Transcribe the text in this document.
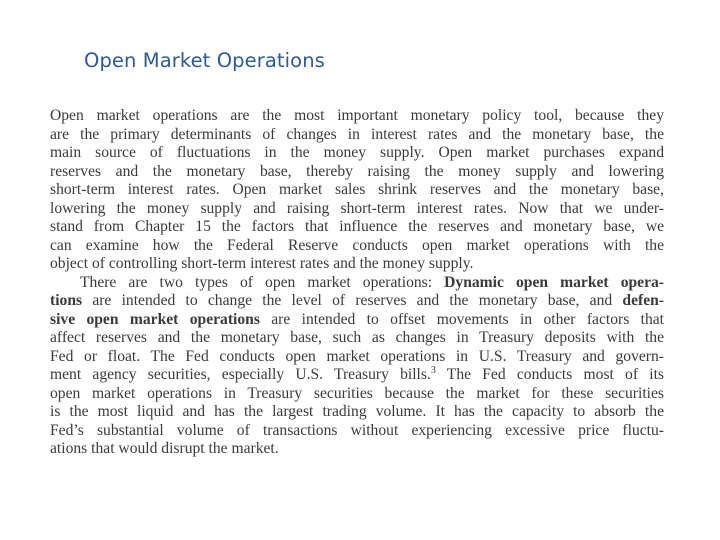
Open Market Operations
Open market operations are the most important monetary policy tool, because they
are the primary determinants of changes in interest rates and the monetary base, the
main source of fluctuations in the money supply. Open market purchases expand
reserves and the monetary base, thereby raising the money supply and lowering
short-term interest rates. Open market sales shrink reserves and the monetary base,
lowering the money supply and raising short-term interest rates. Now that we under-
stand from Chapter 15 the factors that influence the reserves and monetary base, we
can examine how the Federal Reserve conducts open market operations with the
object of controlling short-term interest rates and the money supply.
There are two types of open market operations: Dynamic open market opera-
tions are intended to change the level of reserves and the monetary base, and defen-
sive open market operations are intended to offset movements in other factors that
affect reserves and the monetary base, such as changes in Treasury deposits with the
Fed or float. The Fed conducts open market operations in U.S. Treasury and govern-
ment agency securities, especially U.S. Treasury bills.$^3$ The Fed conducts most of its
open market operations in Treasury securities because the market for these securities
is the most liquid and has the largest trading volume. It has the capacity to absorb the
Fed’s substantial volume of transactions without experiencing excessive price fluctu-
ations that would disrupt the market.
